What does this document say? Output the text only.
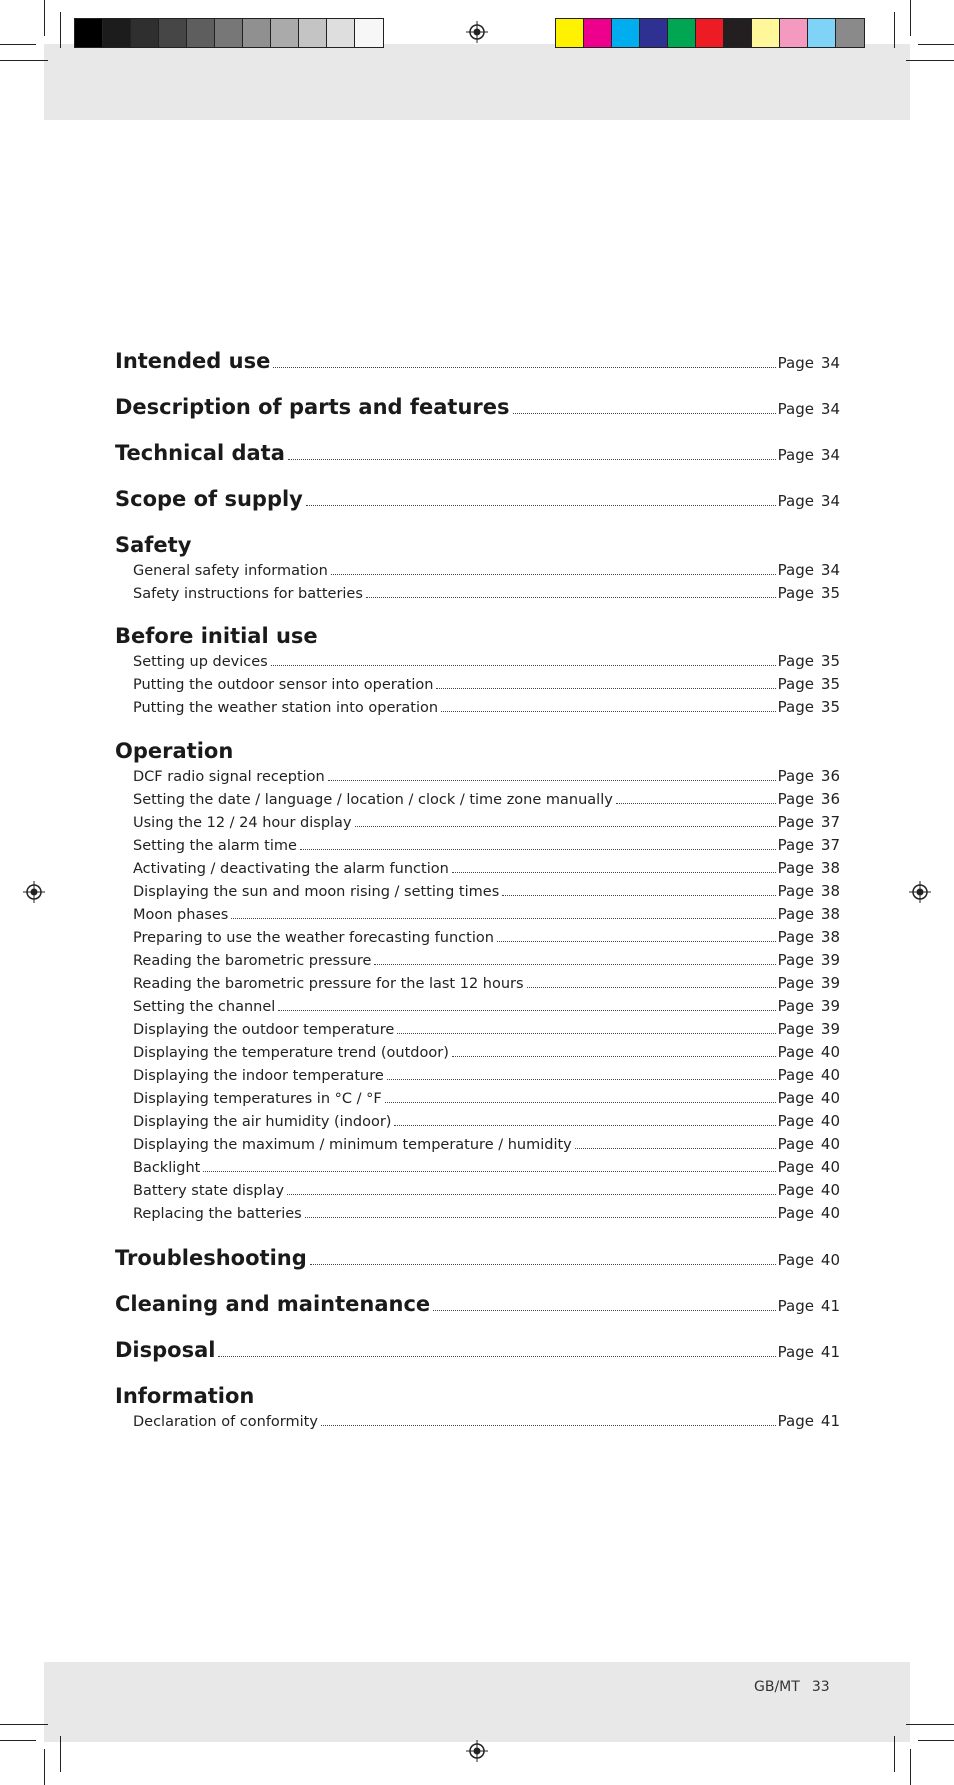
Intended use	Page 34
Description of parts and features	Page 34
Technical data	Page 34
Scope of supply	Page 34
Safety
General safety information	Page 34
Safety instructions for batteries	Page 35
Before initial use
Setting up devices	Page 35
Putting the outdoor sensor into operation	Page 35
Putting the weather station into operation	Page 35
Operation
DCF radio signal reception	Page 36
Setting the date / language / location / clock / time zone manually	Page 36
Using the 12 / 24 hour display	Page 37
Setting the alarm time	Page 37
Activating / deactivating the alarm function	Page 38
Displaying the sun and moon rising / setting times	Page 38
Moon phases	Page 38
Preparing to use the weather forecasting function	Page 38
Reading the barometric pressure	Page 39
Reading the barometric pressure for the last 12 hours	Page 39
Setting the channel	Page 39
Displaying the outdoor temperature	Page 39
Displaying the temperature trend (outdoor)	Page 40
Displaying the indoor temperature	Page 40
Displaying temperatures in °C / °F	Page 40
Displaying the air humidity (indoor)	Page 40
Displaying the maximum / minimum temperature / humidity	Page 40
Backlight	Page 40
Battery state display	Page 40
Replacing the batteries	Page 40
Troubleshooting	Page 40
Cleaning and maintenance	Page 41
Disposal	Page 41
Information
Declaration of conformity	Page 41
GB/MT 33
